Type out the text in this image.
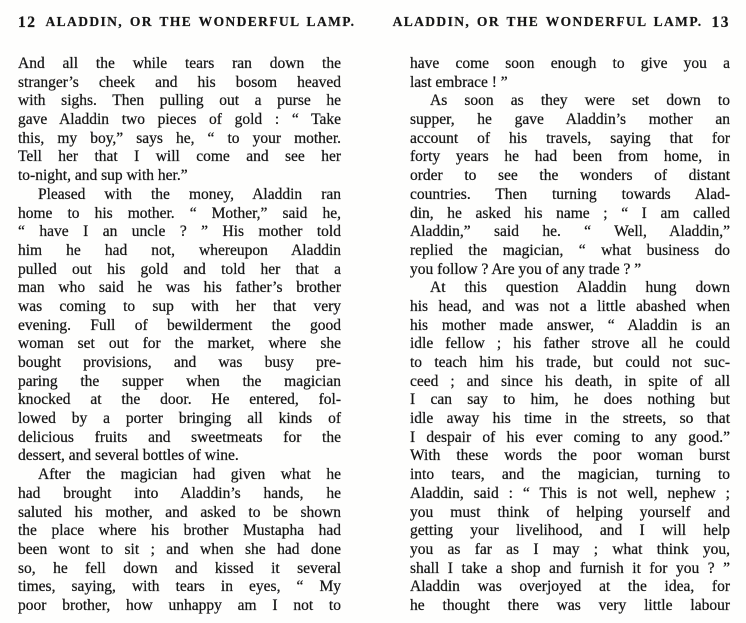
12 ALADDIN, OR THE WONDERFUL LAMP.
And all the while tears ran down the
stranger’s cheek and his bosom heaved
with sighs. Then pulling out a purse he
gave Aladdin two pieces of gold : “ Take
this, my boy,” says he, “ to your mother.
Tell her that I will come and see her
to-night, and sup with her.”
Pleased with the money, Aladdin ran
home to his mother. “ Mother,” said he,
“ have I an uncle ? ” His mother told
him he had not, whereupon Aladdin
pulled out his gold and told her that a
man who said he was his father’s brother
was coming to sup with her that very
evening. Full of bewilderment the good
woman set out for the market, where she
bought provisions, and was busy pre-
paring the supper when the magician
knocked at the door. He entered, fol-
lowed by a porter bringing all kinds of
delicious fruits and sweetmeats for the
dessert, and several bottles of wine.
After the magician had given what he
had brought into Aladdin’s hands, he
saluted his mother, and asked to be shown
the place where his brother Mustapha had
been wont to sit ; and when she had done
so, he fell down and kissed it several
times, saying, with tears in eyes, “ My
poor brother, how unhappy am I not to
ALADDIN, OR THE WONDERFUL LAMP. 13
have come soon enough to give you a
last embrace ! ”
As soon as they were set down to
supper, he gave Aladdin’s mother an
account of his travels, saying that for
forty years he had been from home, in
order to see the wonders of distant
countries. Then turning towards Alad-
din, he asked his name ; “ I am called
Aladdin,” said he. “ Well, Aladdin,”
replied the magician, “ what business do
you follow ? Are you of any trade ? ”
At this question Aladdin hung down
his head, and was not a little abashed when
his mother made answer, “ Aladdin is an
idle fellow ; his father strove all he could
to teach him his trade, but could not suc-
ceed ; and since his death, in spite of all
I can say to him, he does nothing but
idle away his time in the streets, so that
I despair of his ever coming to any good.”
With these words the poor woman burst
into tears, and the magician, turning to
Aladdin, said : “ This is not well, nephew ;
you must think of helping yourself and
getting your livelihood, and I will help
you as far as I may ; what think you,
shall I take a shop and furnish it for you ? ”
Aladdin was overjoyed at the idea, for
he thought there was very little labour
